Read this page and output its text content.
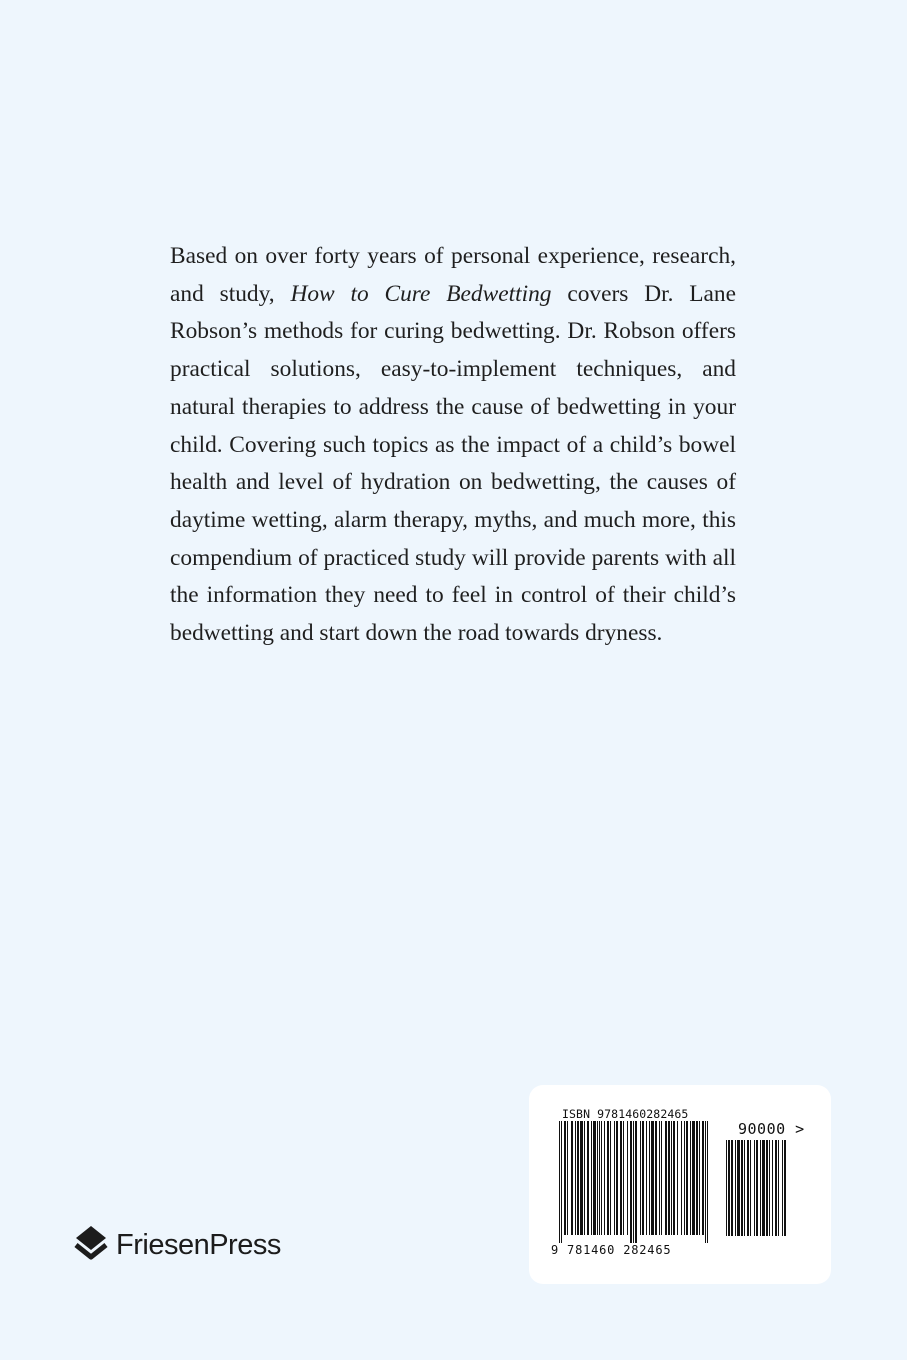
Based on over forty years of personal experience, research, and study, How to Cure Bedwetting covers Dr. Lane Robson’s methods for curing bedwetting. Dr. Robson offers practical solutions, easy-to-implement techniques, and natural therapies to address the cause of bedwetting in your child. Covering such topics as the impact of a child’s bowel health and level of hydration on bedwetting, the causes of daytime wetting, alarm therapy, myths, and much more, this compendium of practiced study will provide parents with all the information they need to feel in control of their child’s bedwetting and start down the road towards dryness.

FriesenPress
ISBN 9781460282465
9 781460 282465
90000 >
